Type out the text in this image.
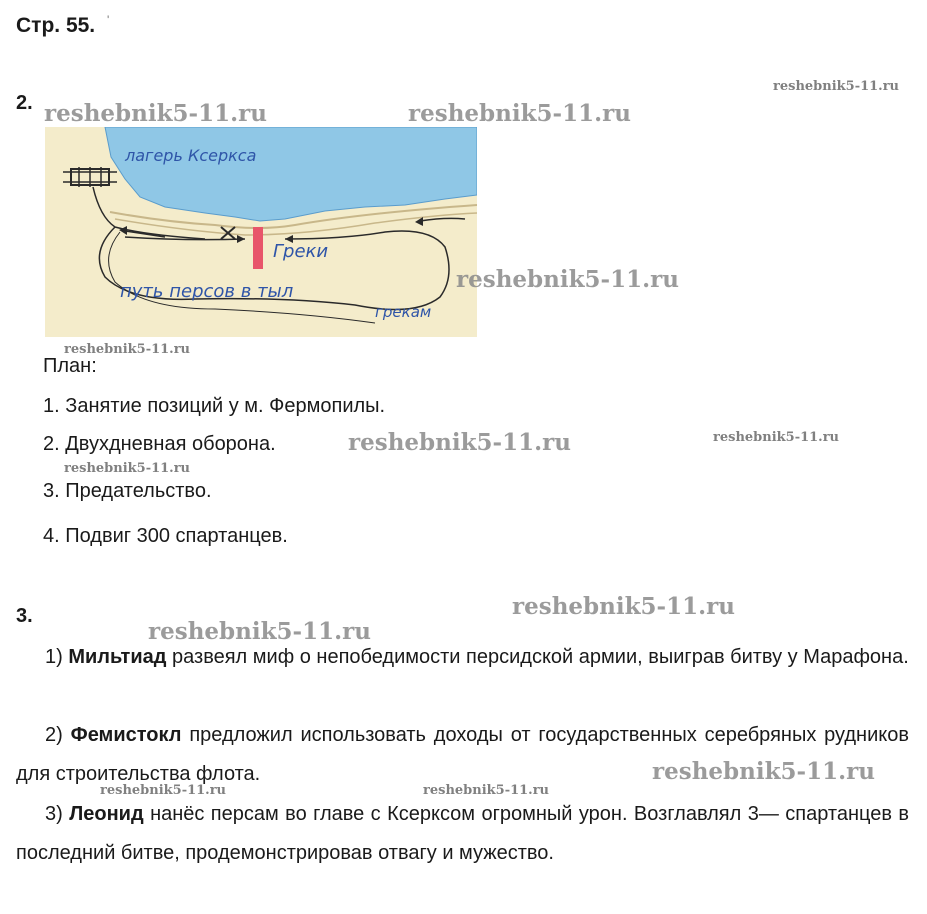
Стр. 55. '
2.
лагерь Ксеркса
Греки
путь персов в тыл
грекам
План:
1. Занятие позиций у м. Фермопилы.
2. Двухдневная оборона.
3. Предательство.
4. Подвиг 300 спартанцев.
3.
1) Мильтиад развеял миф о непобедимости персидской армии, выиграв битву у Марафона.
2) Фемистокл предложил использовать доходы от государственных серебряных рудников для строительства флота.
3) Леонид нанёс персам во главе с Ксерксом огромный урон. Возглавлял 3— спартанцев в последний битве, продемонстрировав отвагу и мужество.
reshebnik5-11.ru
reshebnik5-11.ru	reshebnik5-11.ru
reshebnik5-11.ru
reshebnik5-11.ru
reshebnik5-11.ru	reshebnik5-11.ru
reshebnik5-11.ru
reshebnik5-11.ru
reshebnik5-11.ru
reshebnik5-11.ru
reshebnik5-11.ru	reshebnik5-11.ru
